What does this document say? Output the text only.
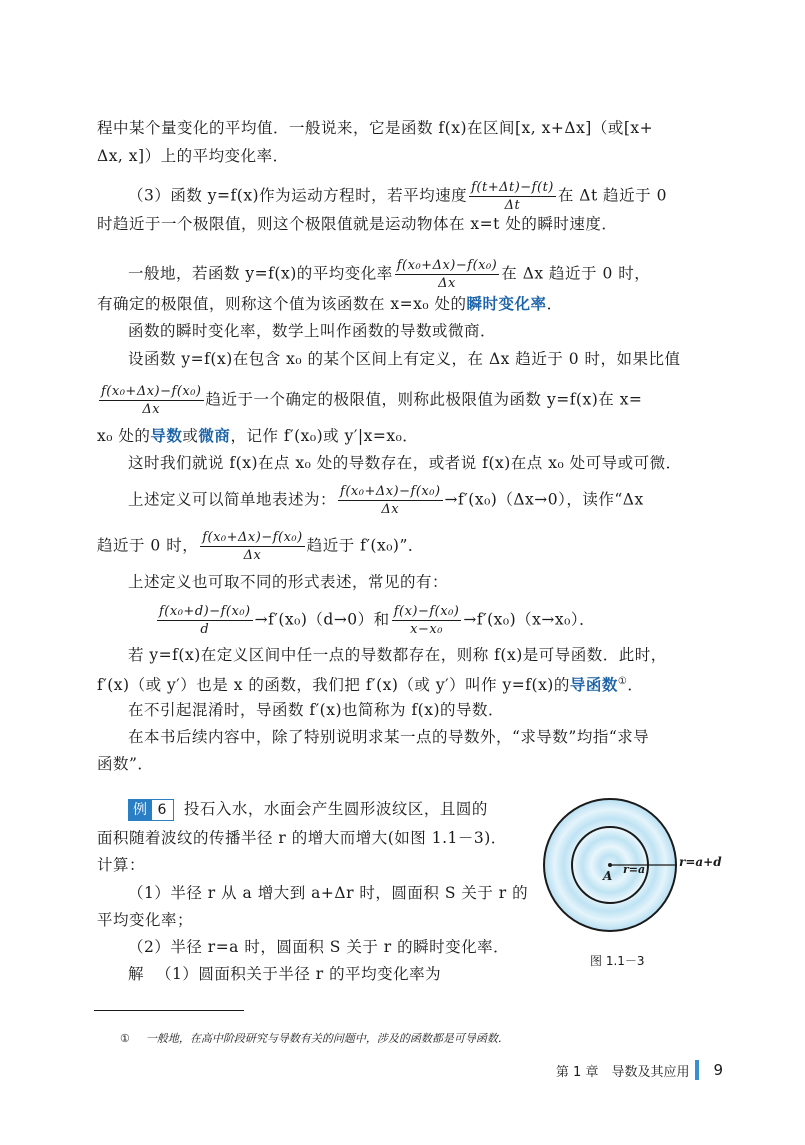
程中某个量变化的平均值．一般说来，它是函数 f(x)在区间[x, x+Δx]（或[x+
Δx, x]）上的平均变化率．
（3）函数 y=f(x)作为运动方程时，若平均速度 $\frac{f(t+\Delta t)-f(t)}{\Delta t}$ 在 Δt 趋近于 0
时趋近于一个极限值，则这个极限值就是运动物体在 x=t 处的瞬时速度．
一般地，若函数 y=f(x)的平均变化率 $\frac{\text{f(x₀+Δx)−f(x₀)}}{\Delta x}$ 在 Δx 趋近于 0 时，
有确定的极限值，则称这个值为该函数在 x=x₀ 处的瞬时变化率．
函数的瞬时变化率，数学上叫作函数的导数或微商．
设函数 y=f(x)在包含 x₀ 的某个区间上有定义，在 Δx 趋近于 0 时，如果比值
$\frac{\text{f(x₀+Δx)−f(x₀)}}{\Delta x}$ 趋近于一个确定的极限值，则称此极限值为函数 y=f(x)在 x=
x₀ 处的导数或微商，记作 f′(x₀)或 y′|x=x₀．
这时我们就说 f(x)在点 x₀ 处的导数存在，或者说 f(x)在点 x₀ 处可导或可微．
上述定义可以简单地表述为： $\frac{\text{f(x₀+Δx)−f(x₀)}}{\Delta x} \to f'(x_0)(\Delta x\to 0)$，读作“Δx
趋近于 0 时， $\frac{\text{f(x₀+Δx)−f(x₀)}}{\Delta x}$ 趋近于 f′(x₀)”．
上述定义也可取不同的形式表述，常见的有：
$\frac{\text{f(x₀+d)−f(x₀)}}{d} \to f'(x_0)(d\to 0)$和 $\frac{\text{f(x)−f(x₀)}}{\text{x−x₀}} \to f'(x_0)(x\to x_0)$．
若 y=f(x)在定义区间中任一点的导数都存在，则称 f(x)是可导函数．此时，
f′(x)（或 y′）也是 x 的函数，我们把 f′(x)（或 y′）叫作 y=f(x)的导函数①．
在不引起混淆时，导函数 f′(x)也简称为 f(x)的导数．
在本书后续内容中，除了特别说明求某一点的导数外，“求导数”均指“求导
函数”．
例 6	投石入水，水面会产生圆形波纹区，且圆的
面积随着波纹的传播半径 r 的增大而增大(如图 1.1－3)．
计算：
（1）半径 r 从 a 增大到 a+Δr 时，圆面积 S 关于 r 的
平均变化率；
（2）半径 r=a 时，圆面积 S 关于 r 的瞬时变化率．
解 （1）圆面积关于半径 r 的平均变化率为
A r=a
r=a+d
图 1.1－3
① 一般地，在高中阶段研究与导数有关的问题中，涉及的函数都是可导函数．
第 1 章　导数及其应用 9
